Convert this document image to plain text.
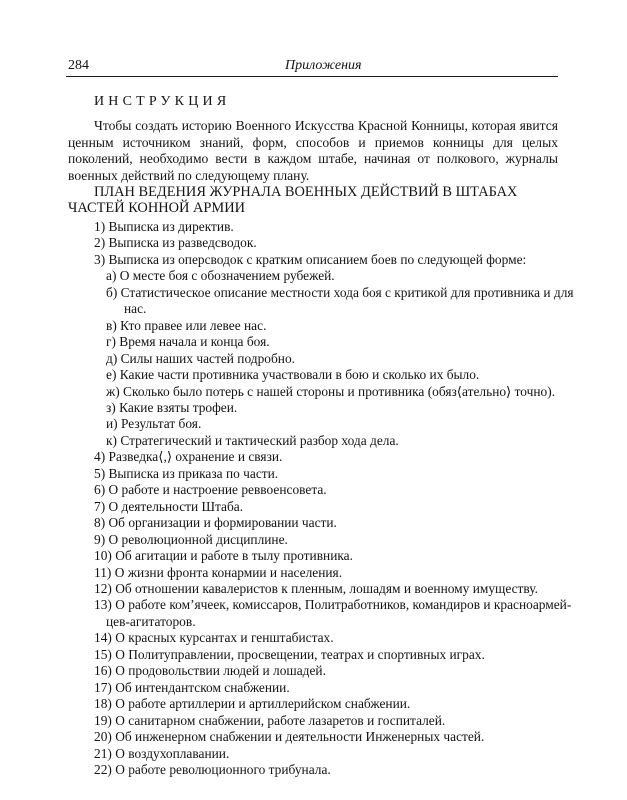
284	Приложения
ИНСТРУКЦИЯ
Чтобы создать историю Военного Искусства Красной Конницы, которая явится ценным источником знаний, форм, способов и приемов конницы для целых поколений, необходимо вести в каждом штабе, начиная от полкового, журналы военных действий по следующему плану.
ПЛАН ВЕДЕНИЯ ЖУРНАЛА ВОЕННЫХ ДЕЙСТВИЙ В ШТАБАХ ЧАСТЕЙ КОННОЙ АРМИИ
1) Выписка из директив.
2) Выписка из разведсводок.
3) Выписка из оперсводок с кратким описанием боев по следующей форме:
а) О месте боя с обозначением рубежей.
б) Статистическое описание местности хода боя с критикой для противника и для
нас.
в) Кто правее или левее нас.
г) Время начала и конца боя.
д) Силы наших частей подробно.
е) Какие части противника участвовали в бою и сколько их было.
ж) Сколько было потерь с нашей стороны и противника (обяз⟨ательно⟩ точно).
з) Какие взяты трофеи.
и) Результат боя.
к) Стратегический и тактический разбор хода дела.
4) Разведка⟨,⟩ охранение и связи.
5) Выписка из приказа по части.
6) О работе и настроение реввоенсовета.
7) О деятельности Штаба.
8) Об организации и формировании части.
9) О революционной дисциплине.
10) Об агитации и работе в тылу противника.
11) О жизни фронта конармии и населения.
12) Об отношении кавалеристов к пленным, лошадям и военному имуществу.
13) О работе ком’ячеек, комиссаров, Политработников, командиров и красноармей-
цев-агитаторов.
14) О красных курсантах и генштабистах.
15) О Политуправлении, просвещении, театрах и спортивных играх.
16) О продовольствии людей и лошадей.
17) Об интендантском снабжении.
18) О работе артиллерии и артиллерийском снабжении.
19) О санитарном снабжении, работе лазаретов и госпиталей.
20) Об инженерном снабжении и деятельности Инженерных частей.
21) О воздухоплавании.
22) О работе революционного трибунала.
